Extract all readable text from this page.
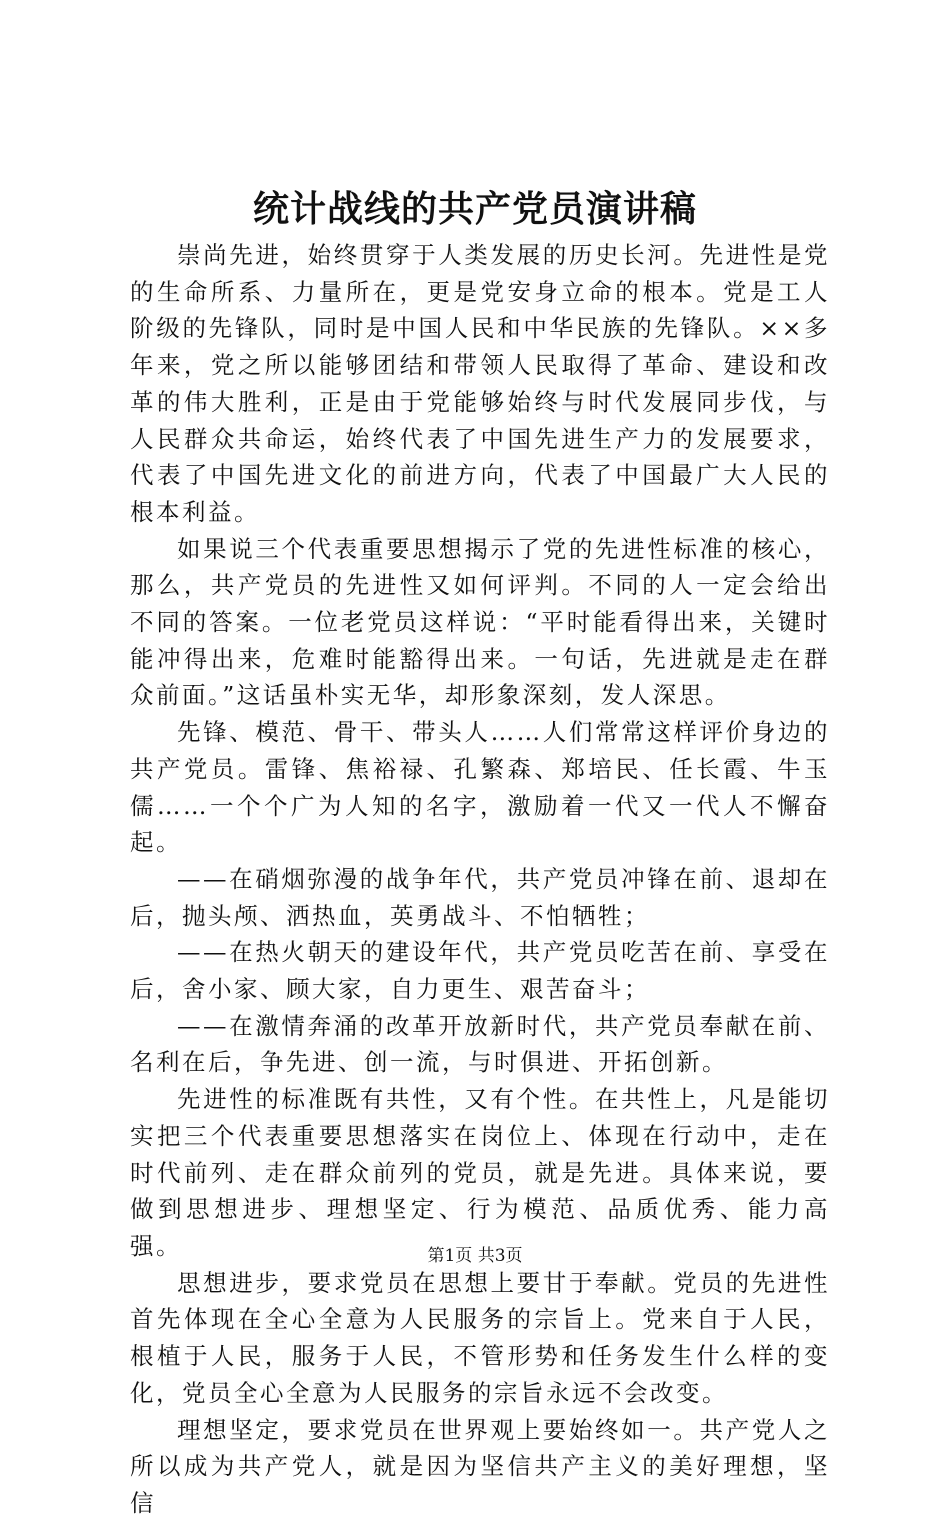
统计战线的共产党员演讲稿

崇尚先进，始终贯穿于人类发展的历史长河。先进性是党的生命所系、力量所在，更是党安身立命的根本。党是工人阶级的先锋队，同时是中国人民和中华民族的先锋队。××多年来，党之所以能够团结和带领人民取得了革命、建设和改革的伟大胜利，正是由于党能够始终与时代发展同步伐，与人民群众共命运，始终代表了中国先进生产力的发展要求，代表了中国先进文化的前进方向，代表了中国最广大人民的根本利益。

如果说三个代表重要思想揭示了党的先进性标准的核心，那么，共产党员的先进性又如何评判。不同的人一定会给出不同的答案。一位老党员这样说：“平时能看得出来，关键时能冲得出来，危难时能豁得出来。一句话，先进就是走在群众前面。”这话虽朴实无华，却形象深刻，发人深思。

先锋、模范、骨干、带头人……人们常常这样评价身边的共产党员。雷锋、焦裕禄、孔繁森、郑培民、任长霞、牛玉儒……一个个广为人知的名字，激励着一代又一代人不懈奋起。

——在硝烟弥漫的战争年代，共产党员冲锋在前、退却在后，抛头颅、洒热血，英勇战斗、不怕牺牲；

——在热火朝天的建设年代，共产党员吃苦在前、享受在后，舍小家、顾大家，自力更生、艰苦奋斗；

——在激情奔涌的改革开放新时代，共产党员奉献在前、名利在后，争先进、创一流，与时俱进、开拓创新。

先进性的标准既有共性，又有个性。在共性上，凡是能切实把三个代表重要思想落实在岗位上、体现在行动中，走在时代前列、走在群众前列的党员，就是先进。具体来说，要做到思想进步、理想坚定、行为模范、品质优秀、能力高强。

思想进步，要求党员在思想上要甘于奉献。党员的先进性首先体现在全心全意为人民服务的宗旨上。党来自于人民，根植于人民，服务于人民，不管形势和任务发生什么样的变化，党员全心全意为人民服务的宗旨永远不会改变。

理想坚定，要求党员在世界观上要始终如一。共产党人之所以成为共产党人，就是因为坚信共产主义的美好理想，坚信

第1页 共3页
